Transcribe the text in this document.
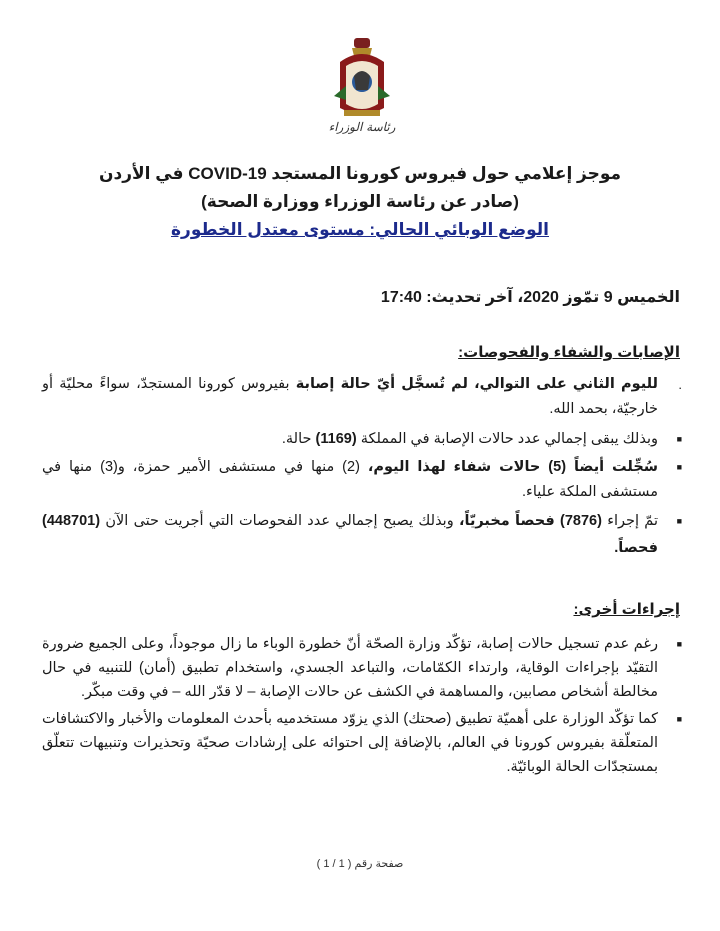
رئاسة الوزراء
موجز إعلامي حول فيروس كورونا المستجد COVID-19 في الأردن
(صادر عن رئاسة الوزراء ووزارة الصحة)
الوضع الوبائي الحالي: مستوى معتدل الخطورة
الخميس 9 تمّوز 2020، آخر تحديث: 17:40
الإصابات والشفاء والفحوصات:
.
لليوم الثاني على التوالي، لم تُسجَّل أيّ حالة إصابة بفيروس كورونا المستجدّ، سواءً محليّة أو خارجيّة، بحمد الله.
■
وبذلك يبقى إجمالي عدد حالات الإصابة في المملكة (1169) حالة.
■
سُجِّلت أيضاً (5) حالات شفاء لهذا اليوم، (2) منها في مستشفى الأمير حمزة، و(3) منها في مستشفى الملكة علياء.
■
تمّ إجراء (7876) فحصاً مخبريّاً، وبذلك يصبح إجمالي عدد الفحوصات التي أجريت حتى الآن (448701) فحصاً.
إجراءات أخرى:
■
رغم عدم تسجيل حالات إصابة، تؤكّد وزارة الصحّة أنّ خطورة الوباء ما زال موجوداً، وعلى الجميع ضرورة التقيّد بإجراءات الوقاية، وارتداء الكمّامات، والتباعد الجسدي، واستخدام تطبيق (أمان) للتنبيه في حال مخالطة أشخاص مصابين، والمساهمة في الكشف عن حالات الإصابة – لا قدّر الله – في وقت مبكّر.
■
كما تؤكّد الوزارة على أهميّة تطبيق (صحتك) الذي يزوّد مستخدميه بأحدث المعلومات والأخبار والاكتشافات المتعلّقة بفيروس كورونا في العالم، بالإضافة إلى احتوائه على إرشادات صحيّة وتحذيرات وتنبيهات تتعلّق بمستجدّات الحالة الوبائيّة.
صفحة رقم ( 1 / 1 )
